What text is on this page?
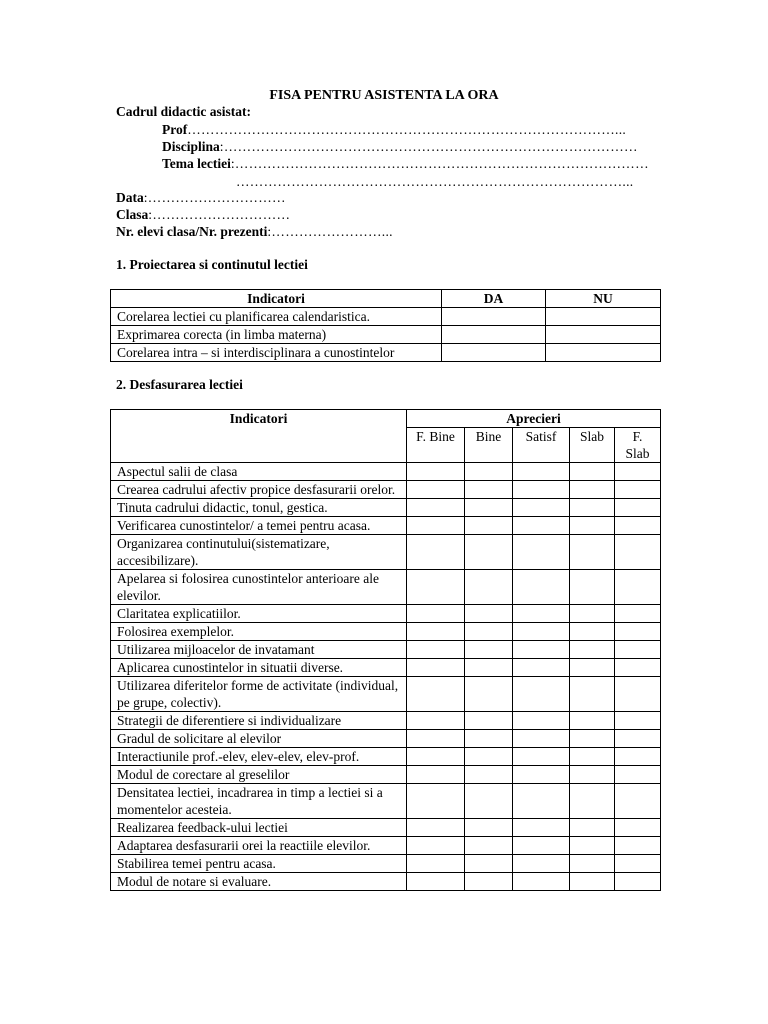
FISA PENTRU ASISTENTA LA ORA
Cadrul didactic asistat:
Prof…………………………………………………………………………………...
Disciplina:………………………………………………………………………………
Tema lectiei:………………………………………………………………………………
…………………………………………………………………………...
Data:…………………………
Clasa:…………………………
Nr. elevi clasa/Nr. prezenti:……………………...
1. Proiectarea si continutul lectiei
Indicatori	DA	NU
Corelarea lectiei cu planificarea calendaristica.		
Exprimarea corecta (in limba materna)		
Corelarea intra – si interdisciplinara a cunostintelor		
2. Desfasurarea lectiei
Indicatori	Aprecieri				
	F. Bine	Bine	Satisf	Slab	F. Slab
Aspectul salii de clasa					
Crearea cadrului afectiv propice desfasurarii orelor.					
Tinuta cadrului didactic, tonul, gestica.					
Verificarea cunostintelor/ a temei pentru acasa.					
Organizarea continutului(sistematizare, accesibilizare).					
Apelarea si folosirea cunostintelor anterioare ale elevilor.					
Claritatea explicatiilor.					
Folosirea exemplelor.					
Utilizarea mijloacelor de invatamant					
Aplicarea cunostintelor in situatii diverse.					
Utilizarea diferitelor forme de activitate (individual, pe grupe, colectiv).					
Strategii de diferentiere si individualizare					
Gradul de solicitare al elevilor					
Interactiunile prof.-elev, elev-elev, elev-prof.					
Modul de corectare al greselilor					
Densitatea lectiei, incadrarea in timp a lectiei si a momentelor acesteia.					
Realizarea feedback-ului lectiei					
Adaptarea desfasurarii orei la reactiile elevilor.					
Stabilirea temei pentru acasa.					
Modul de notare si evaluare.					
